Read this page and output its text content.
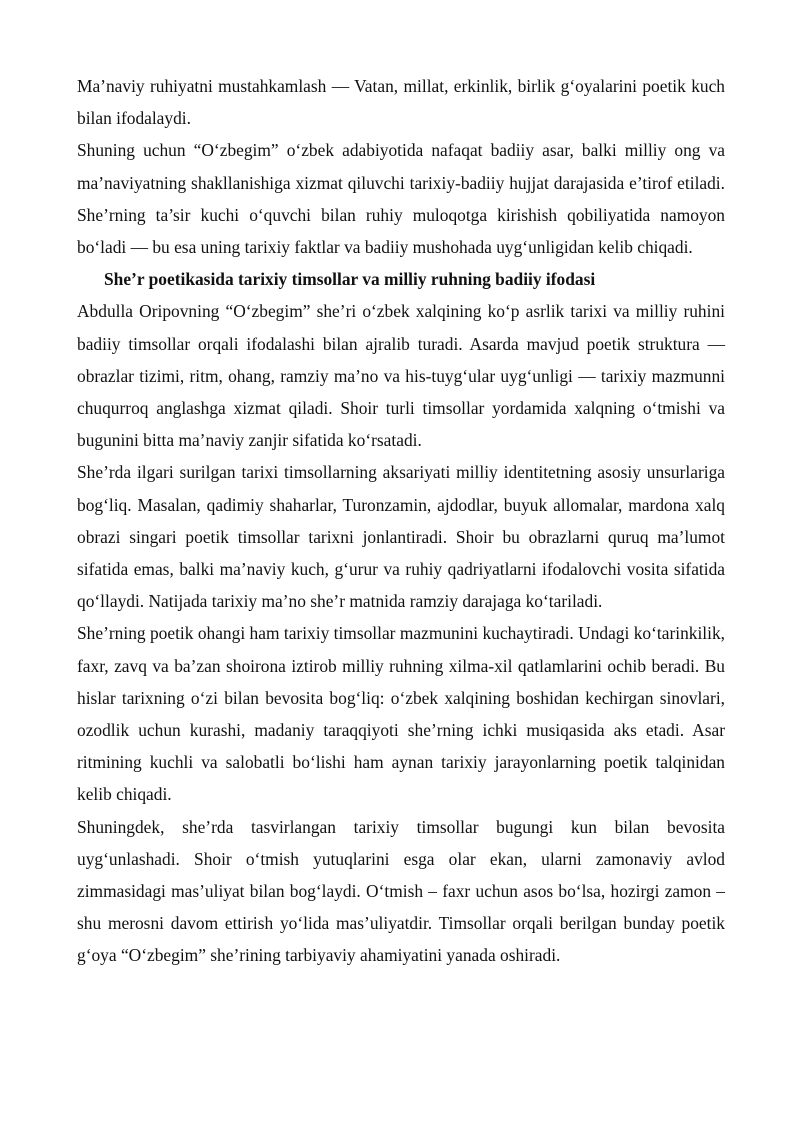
Ma’naviy ruhiyatni mustahkamlash — Vatan, millat, erkinlik, birlik g‘oyalarini poetik kuch bilan ifodalaydi.

Shuning uchun “O‘zbegim” o‘zbek adabiyotida nafaqat badiiy asar, balki milliy ong va ma’naviyatning shakllanishiga xizmat qiluvchi tarixiy-badiiy hujjat darajasida e’tirof etiladi. She’rning ta’sir kuchi o‘quvchi bilan ruhiy muloqotga kirishish qobiliyatida namoyon bo‘ladi — bu esa uning tarixiy faktlar va badiiy mushohada uyg‘unligidan kelib chiqadi.

She’r poetikasida tarixiy timsollar va milliy ruhning badiiy ifodasi

Abdulla Oripovning “O‘zbegim” she’ri o‘zbek xalqining ko‘p asrlik tarixi va milliy ruhini badiiy timsollar orqali ifodalashi bilan ajralib turadi. Asarda mavjud poetik struktura — obrazlar tizimi, ritm, ohang, ramziy ma’no va his-tuyg‘ular uyg‘unligi — tarixiy mazmunni chuqurroq anglashga xizmat qiladi. Shoir turli timsollar yordamida xalqning o‘tmishi va bugunini bitta ma’naviy zanjir sifatida ko‘rsatadi.

She’rda ilgari surilgan tarixi timsollarning aksariyati milliy identitetning asosiy unsurlariga bog‘liq. Masalan, qadimiy shaharlar, Turonzamin, ajdodlar, buyuk allomalar, mardona xalq obrazi singari poetik timsollar tarixni jonlantiradi. Shoir bu obrazlarni quruq ma’lumot sifatida emas, balki ma’naviy kuch, g‘urur va ruhiy qadriyatlarni ifodalovchi vosita sifatida qo‘llaydi. Natijada tarixiy ma’no she’r matnida ramziy darajaga ko‘tariladi.

She’rning poetik ohangi ham tarixiy timsollar mazmunini kuchaytiradi. Undagi ko‘tarinkilik, faxr, zavq va ba’zan shoirona iztirob milliy ruhning xilma-xil qatlamlarini ochib beradi. Bu hislar tarixning o‘zi bilan bevosita bog‘liq: o‘zbek xalqining boshidan kechirgan sinovlari, ozodlik uchun kurashi, madaniy taraqqiyoti she’rning ichki musiqasida aks etadi. Asar ritmining kuchli va salobatli bo‘lishi ham aynan tarixiy jarayonlarning poetik talqinidan kelib chiqadi.

Shuningdek, she’rda tasvirlangan tarixiy timsollar bugungi kun bilan bevosita uyg‘unlashadi. Shoir o‘tmish yutuqlarini esga olar ekan, ularni zamonaviy avlod zimmasidagi mas’uliyat bilan bog‘laydi. O‘tmish – faxr uchun asos bo‘lsa, hozirgi zamon – shu merosni davom ettirish yo‘lida mas’uliyatdir. Timsollar orqali berilgan bunday poetik g‘oya “O‘zbegim” she’rining tarbiyaviy ahamiyatini yanada oshiradi.
